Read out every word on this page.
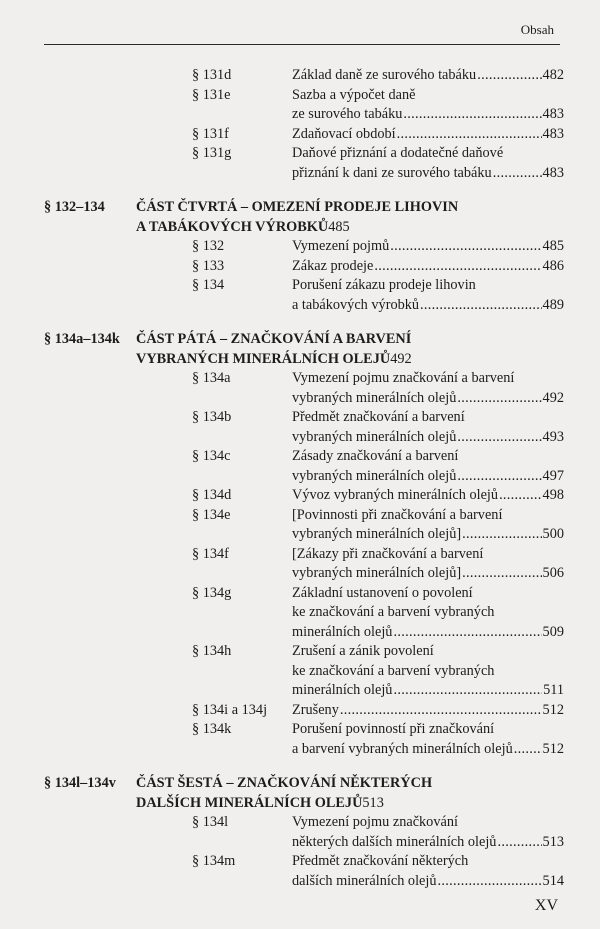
Obsah
§ 131d	Základ daně ze surového tabáku .....	482
§ 131e	Sazba a výpočet daně
ze surového tabáku .....	483
§ 131f	Zdaňovací období .....	483
§ 131g	Daňové přiznání a dodatečné daňové
přiznání k dani ze surového tabáku .....	483
§ 132–134 ČÁST ČTVRTÁ – OMEZENÍ PRODEJE LIHOVIN
A TABÁKOVÝCH VÝROBKŮ 485
§ 132	Vymezení pojmů .....	485
§ 133	Zákaz prodeje .....	486
§ 134	Porušení zákazu prodeje lihovin
a tabákových výrobků .....	489
§ 134a–134k ČÁST PÁTÁ – ZNAČKOVÁNÍ A BARVENÍ
VYBRANÝCH MINERÁLNÍCH OLEJŮ 492
§ 134a	Vymezení pojmu značkování a barvení
vybraných minerálních olejů .....	492
§ 134b	Předmět značkování a barvení
vybraných minerálních olejů .....	493
§ 134c	Zásady značkování a barvení
vybraných minerálních olejů .....	497
§ 134d	Vývoz vybraných minerálních olejů .....	498
§ 134e	[Povinnosti při značkování a barvení
vybraných minerálních olejů] .....	500
§ 134f	[Zákazy při značkování a barvení
vybraných minerálních olejů] .....	506
§ 134g	Základní ustanovení o povolení
ke značkování a barvení vybraných
minerálních olejů .....	509
§ 134h	Zrušení a zánik povolení
ke značkování a barvení vybraných
minerálních olejů .....	511
§ 134i a 134j Zrušeny .....	512
§ 134k	Porušení povinností při značkování
a barvení vybraných minerálních olejů ..... 512
§ 134l–134v ČÁST ŠESTÁ – ZNAČKOVÁNÍ NĚKTERÝCH
DALŠÍCH MINERÁLNÍCH OLEJŮ 513
§ 134l	Vymezení pojmu značkování
některých dalších minerálních olejů .....	513
§ 134m	Předmět značkování některých
dalších minerálních olejů .....	514
XV
